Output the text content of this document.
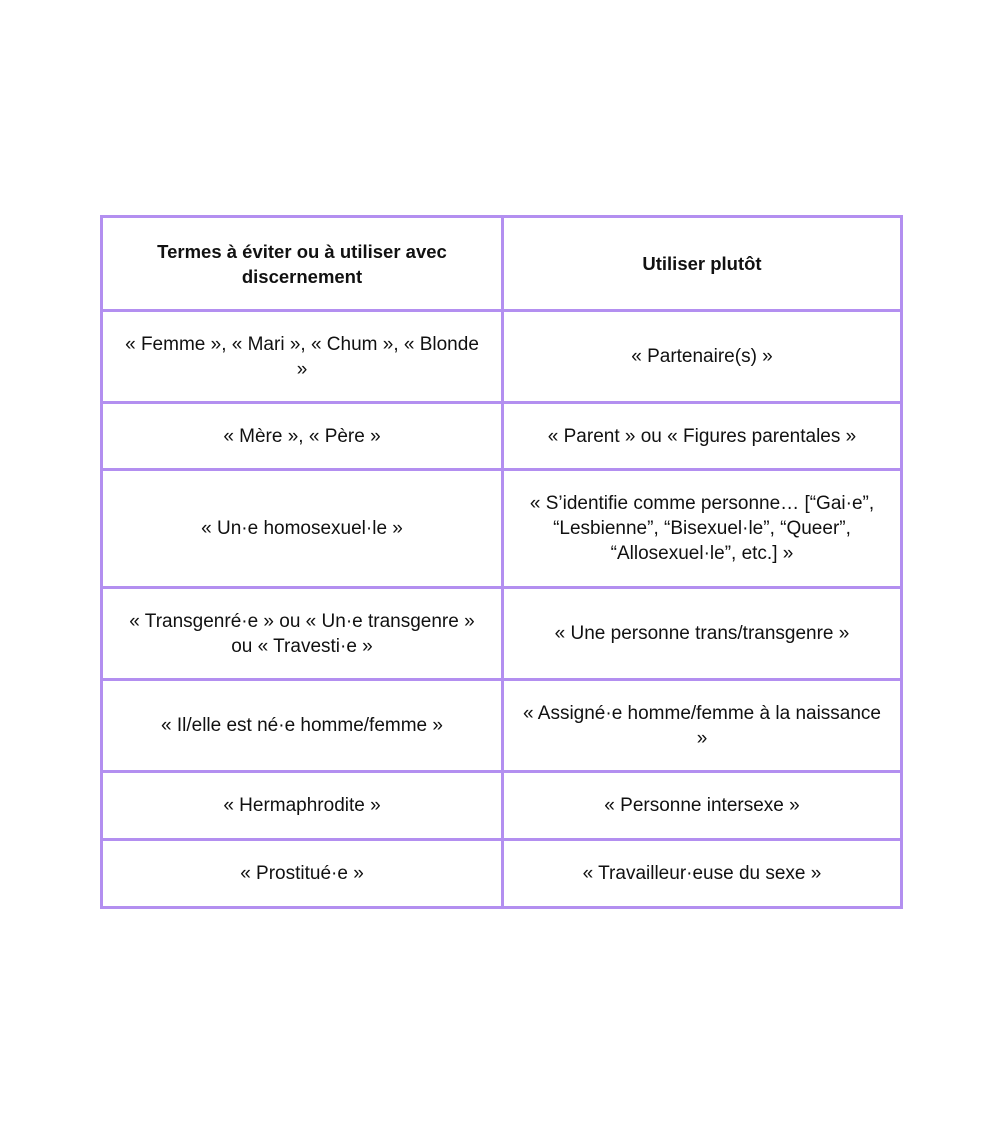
Termes à éviter ou à utiliser avec discernement	Utiliser plutôt
« Femme », « Mari », « Chum », « Blonde »	« Partenaire(s) »
« Mère », « Père »	« Parent » ou « Figures parentales »
« Un·e homosexuel·le »	« S’identifie comme personne… [“Gai·e”, “Lesbienne”, “Bisexuel·le”, “Queer”, “Allosexuel·le”, etc.] »
« Transgenré·e » ou « Un·e transgenre » ou « Travesti·e »	« Une personne trans/transgenre »
« Il/elle est né·e homme/femme »	« Assigné·e homme/femme à la naissance »
« Hermaphrodite »	« Personne intersexe »
« Prostitué·e »	« Travailleur·euse du sexe »
